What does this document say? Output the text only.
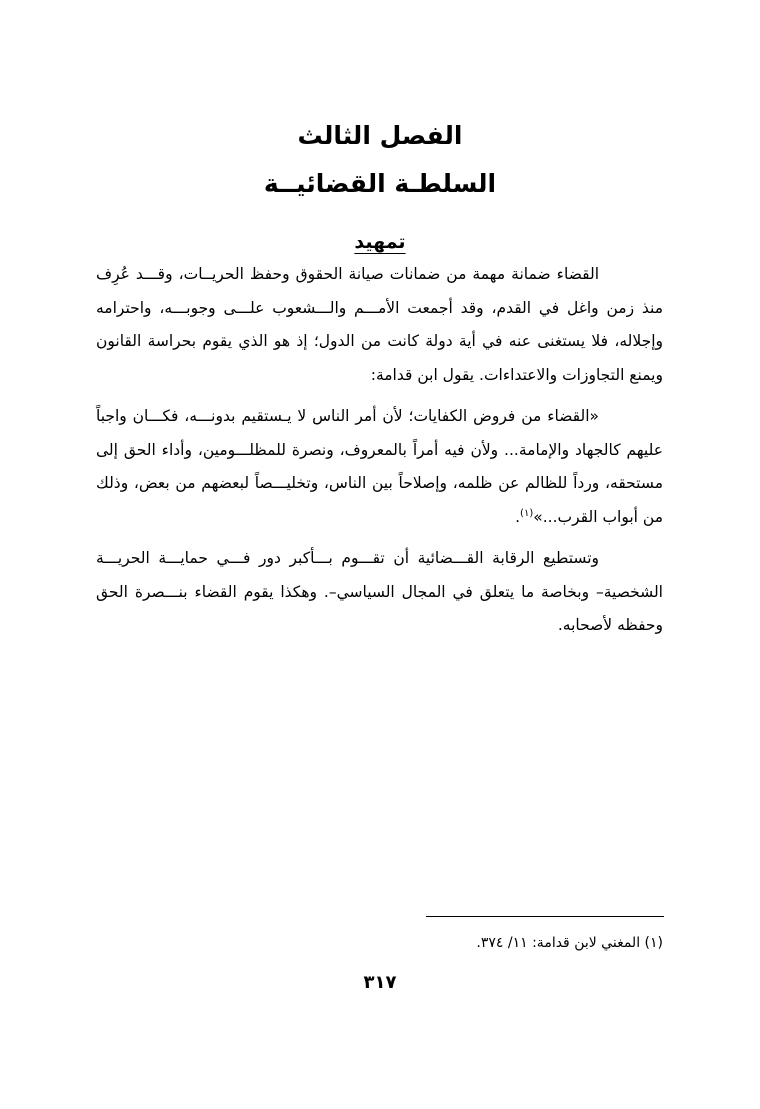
الفصل الثالث
السلطـة القضائيــة
تمهيد

القضاء ضمانة مهمة من ضمانات صيانة الحقوق وحفظ الحريــات، وقـــد عُرِف منذ زمن واغل في القدم، وقد أجمعت الأمـــم والـــشعوب علـــى وجوبـــه، واحترامه وإجلاله، فلا يستغنى عنه في أية دولة كانت من الدول؛ إذ هو الذي يقوم بحراسة القانون ويمنع التجاوزات والاعتداءات. يقول ابن قدامة:

«القضاء من فروض الكفايات؛ لأن أمر الناس لا يـستقيم بدونـــه، فكـــان واجباً عليهم كالجهاد والإمامة... ولأن فيه أمراً بالمعروف، ونصرة للمظلـــومين، وأداء الحق إلى مستحقه، ورداً للظالم عن ظلمه، وإصلاحاً بين الناس، وتخليـــصاً لبعضهم من بعض، وذلك من أبواب القرب...»$^{(١)}$.

وتستطيع الرقابة القـــضائية أن تقـــوم بـــأكبر دور فـــي حمايـــة الحريـــة الشخصية– وبخاصة ما يتعلق في المجال السياسي–. وهكذا يقوم القضاء بنـــصرة الحق وحفظه لأصحابه.

(١) المغني لابن قدامة: ١١/ ٣٧٤.
٣١٧
